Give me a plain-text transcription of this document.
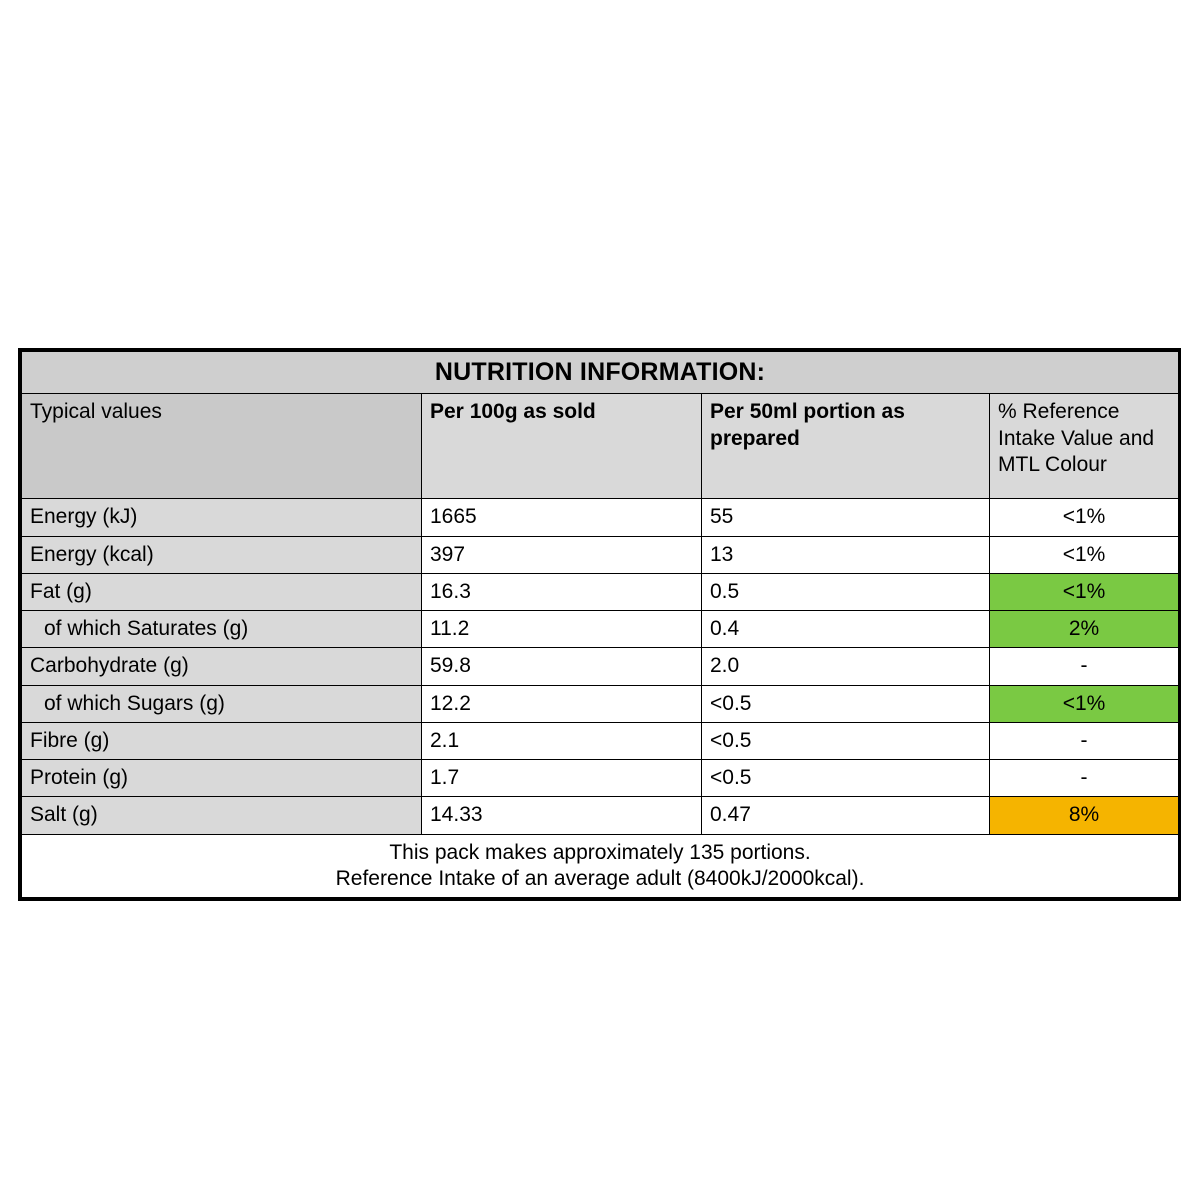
NUTRITION INFORMATION:			
Typical values	Per 100g as sold	Per 50ml portion as prepared	% Reference Intake Value and MTL Colour
Energy (kJ)	1665	55	<1%
Energy (kcal)	397	13	<1%
Fat (g)	16.3	0.5	<1%
of which Saturates (g)	11.2	0.4	2%
Carbohydrate (g)	59.8	2.0	-
of which Sugars (g)	12.2	<0.5	<1%
Fibre (g)	2.1	<0.5	-
Protein (g)	1.7	<0.5	-
Salt (g)	14.33	0.47	8%

This pack makes approximately 135 portions.
Reference Intake of an average adult (8400kJ/2000kcal).			
